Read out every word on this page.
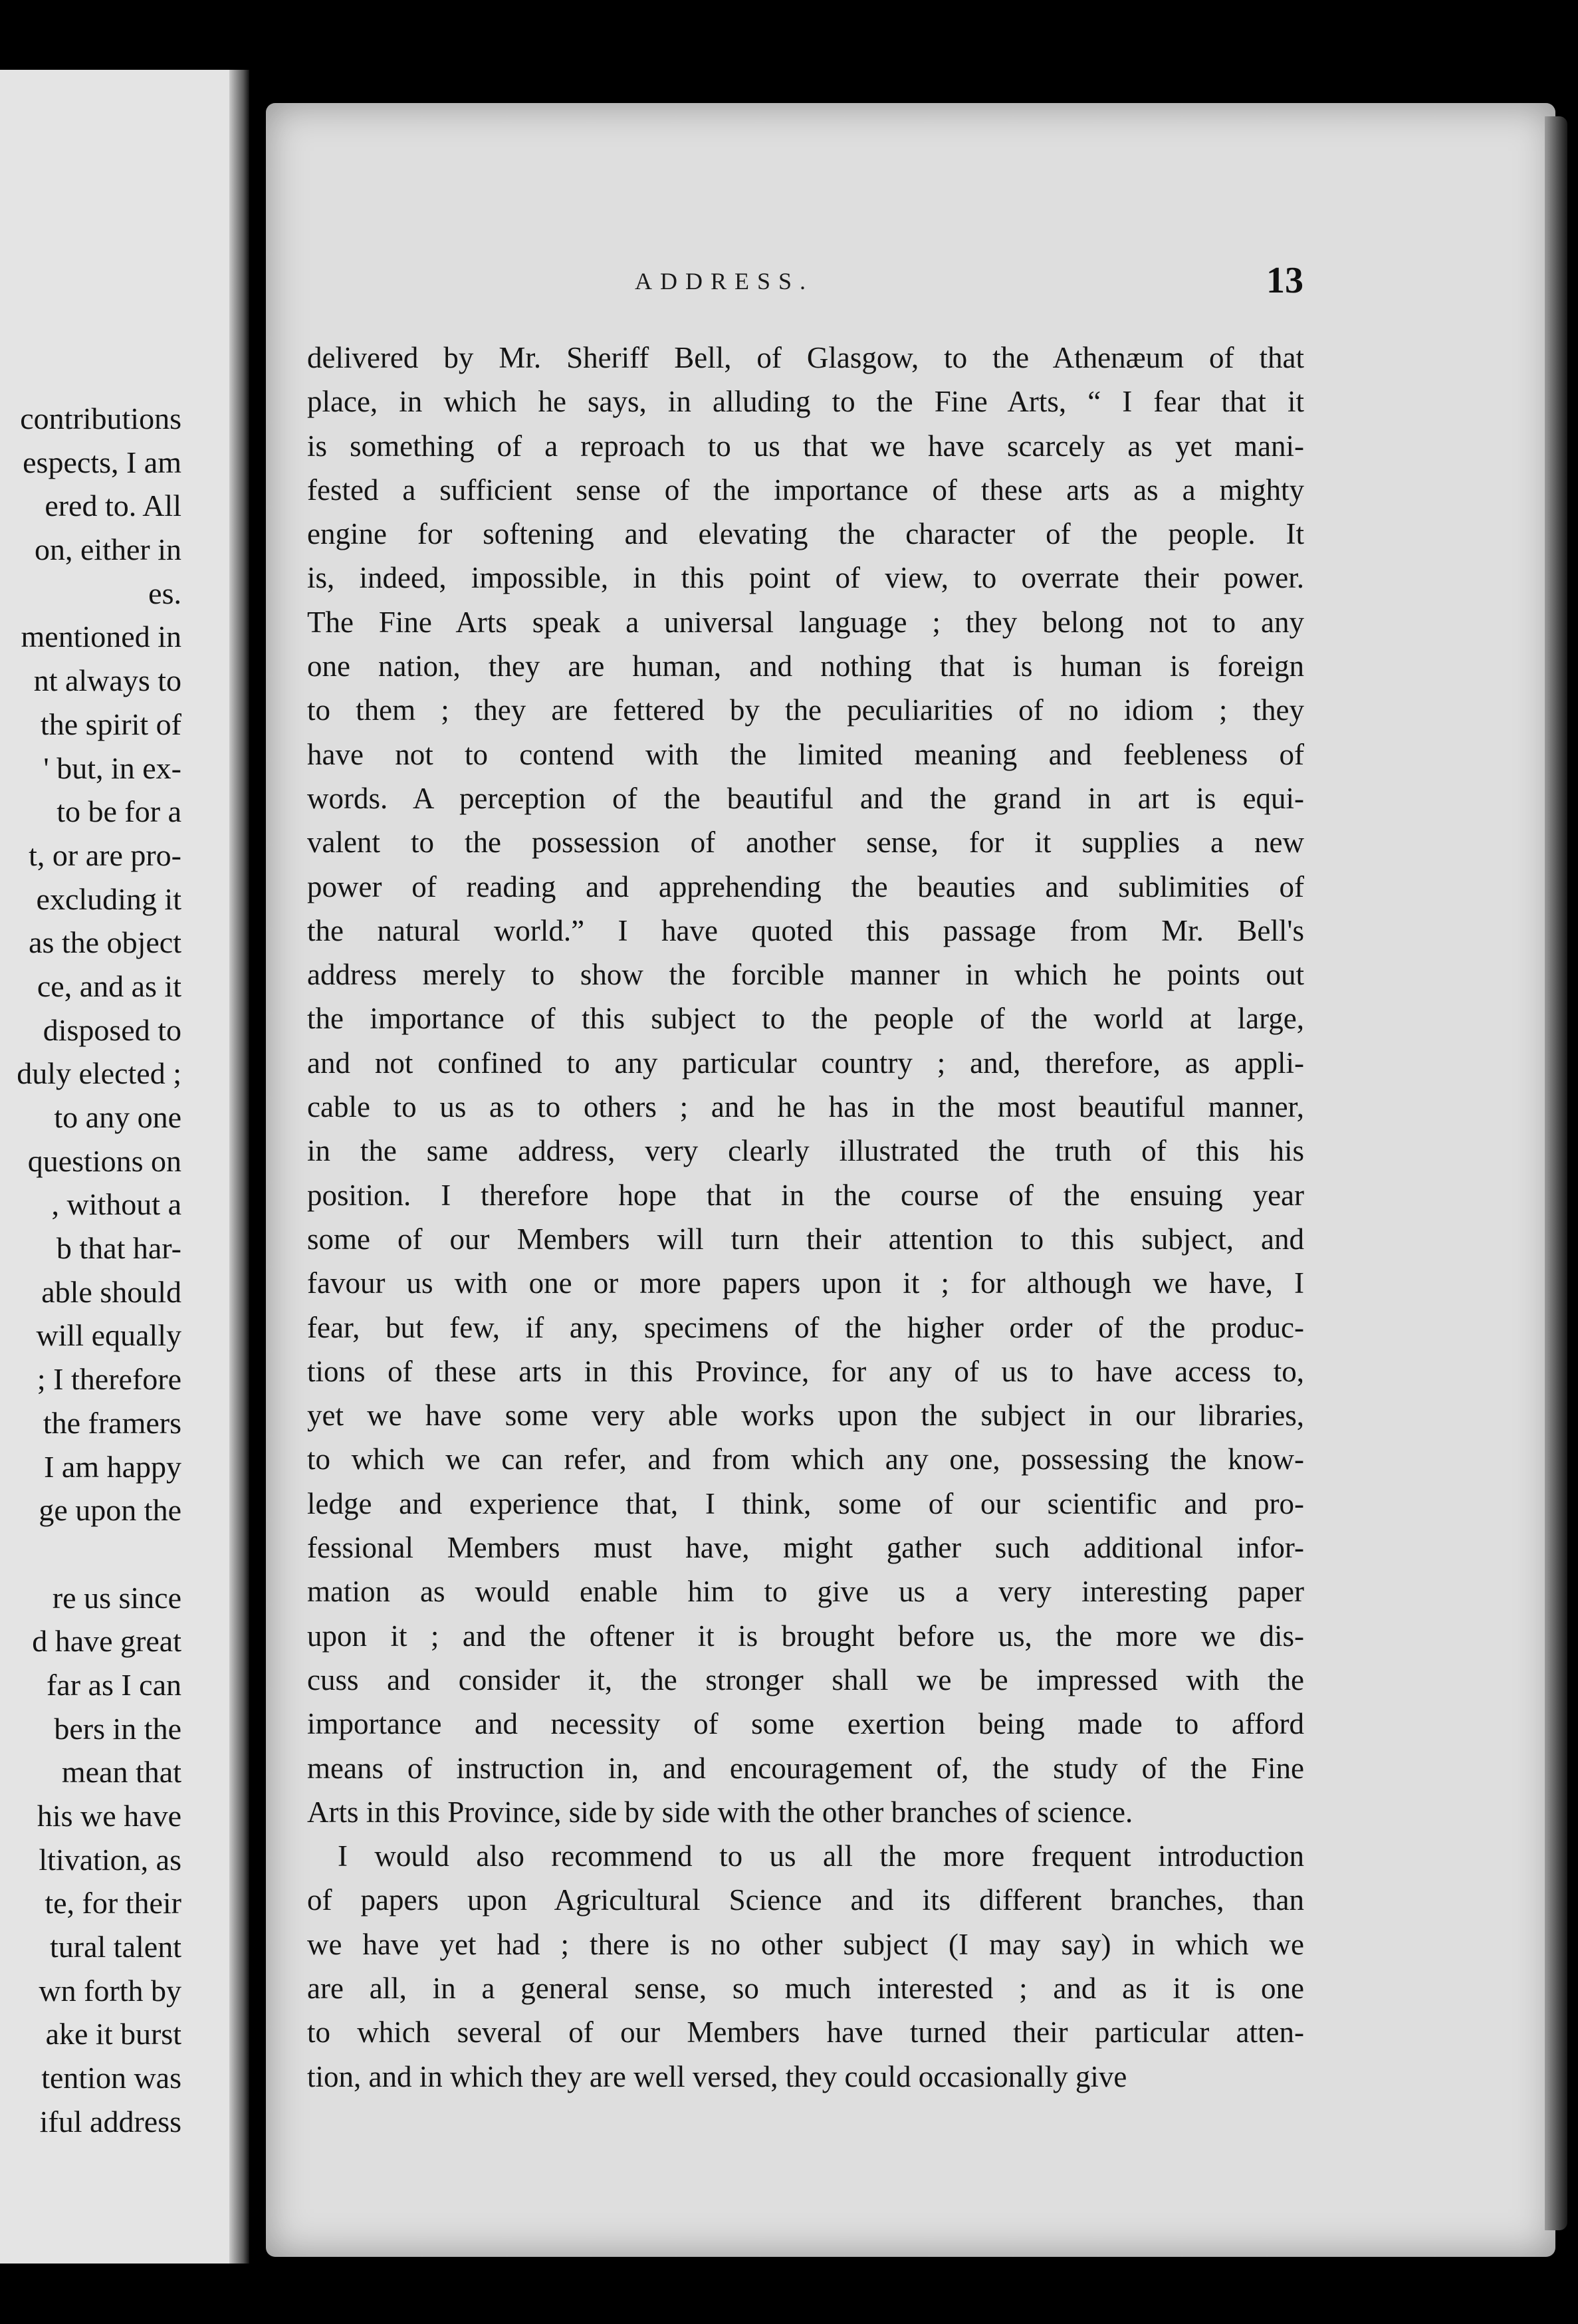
contributions
espects, I am
ered to. All
on, either in
es.
mentioned in
nt always to
the spirit of
' but, in ex-
to be for a
t, or are pro-
excluding it
as the object
ce, and as it
disposed to
duly elected ;
to any one
questions on
, without a
b that har-
able should
will equally
; I therefore
the framers
I am happy
ge upon the
re us since
d have great
far as I can
bers in the
mean that
his we have
ltivation, as
te, for their
tural talent
wn forth by
ake it burst
tention was
iful address
ADDRESS.	13
delivered by Mr. Sheriff Bell, of Glasgow, to the Athenæum of that
place, in which he says, in alluding to the Fine Arts, “ I fear that it
is something of a reproach to us that we have scarcely as yet mani-
fested a sufficient sense of the importance of these arts as a mighty
engine for softening and elevating the character of the people. It
is, indeed, impossible, in this point of view, to overrate their power.
The Fine Arts speak a universal language ; they belong not to any
one nation, they are human, and nothing that is human is foreign
to them ; they are fettered by the peculiarities of no idiom ; they
have not to contend with the limited meaning and feebleness of
words. A perception of the beautiful and the grand in art is equi-
valent to the possession of another sense, for it supplies a new
power of reading and apprehending the beauties and sublimities of
the natural world.” I have quoted this passage from Mr. Bell's
address merely to show the forcible manner in which he points out
the importance of this subject to the people of the world at large,
and not confined to any particular country ; and, therefore, as appli-
cable to us as to others ; and he has in the most beautiful manner,
in the same address, very clearly illustrated the truth of this his
position. I therefore hope that in the course of the ensuing year
some of our Members will turn their attention to this subject, and
favour us with one or more papers upon it ; for although we have, I
fear, but few, if any, specimens of the higher order of the produc-
tions of these arts in this Province, for any of us to have access to,
yet we have some very able works upon the subject in our libraries,
to which we can refer, and from which any one, possessing the know-
ledge and experience that, I think, some of our scientific and pro-
fessional Members must have, might gather such additional infor-
mation as would enable him to give us a very interesting paper
upon it ; and the oftener it is brought before us, the more we dis-
cuss and consider it, the stronger shall we be impressed with the
importance and necessity of some exertion being made to afford
means of instruction in, and encouragement of, the study of the Fine
Arts in this Province, side by side with the other branches of science.
I would also recommend to us all the more frequent introduction
of papers upon Agricultural Science and its different branches, than
we have yet had ; there is no other subject (I may say) in which we
are all, in a general sense, so much interested ; and as it is one
to which several of our Members have turned their particular atten-
tion, and in which they are well versed, they could occasionally give
